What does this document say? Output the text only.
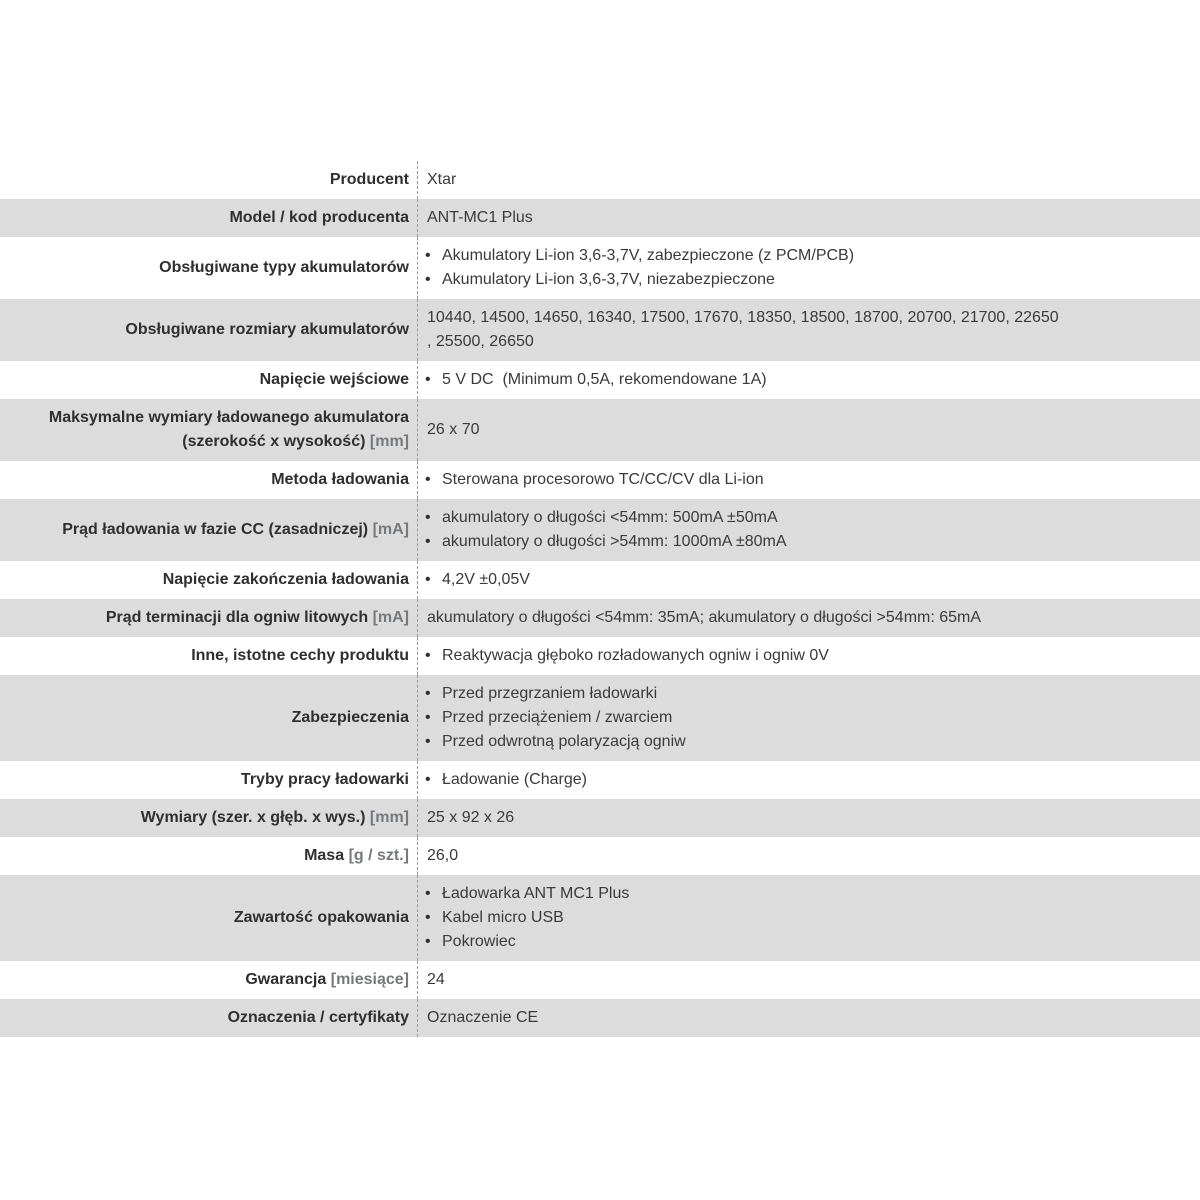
Producent Xtar
Model / kod producenta ANT-MC1 Plus
Obsługiwane typy akumulatorów
• Akumulatory Li-ion 3,6-3,7V, zabezpieczone (z PCM/PCB)
• Akumulatory Li-ion 3,6-3,7V, niezabezpieczone
Obsługiwane rozmiary akumulatorów
10440, 14500, 14650, 16340, 17500, 17670, 18350, 18500, 18700, 20700, 21700, 22650
, 25500, 26650
Napięcie wejściowe • 5 V DC  (Minimum 0,5A, rekomendowane 1A)
Maksymalne wymiary ładowanego akumulatora (szerokość x wysokość) [mm]
26 x 70
Metoda ładowania • Sterowana procesorowo TC/CC/CV dla Li-ion
Prąd ładowania w fazie CC (zasadniczej) [mA]
• akumulatory o długości <54mm: 500mA ±50mA
• akumulatory o długości >54mm: 1000mA ±80mA
Napięcie zakończenia ładowania • 4,2V ±0,05V
Prąd terminacji dla ogniw litowych [mA] akumulatory o długości <54mm: 35mA; akumulatory o długości >54mm: 65mA
Inne, istotne cechy produktu • Reaktywacja głęboko rozładowanych ogniw i ogniw 0V
Zabezpieczenia
• Przed przegrzaniem ładowarki
• Przed przeciążeniem / zwarciem
• Przed odwrotną polaryzacją ogniw
Tryby pracy ładowarki • Ładowanie (Charge)
Wymiary (szer. x głęb. x wys.) [mm] 25 x 92 x 26
Masa [g / szt.] 26,0
Zawartość opakowania
• Ładowarka ANT MC1 Plus
• Kabel micro USB
• Pokrowiec
Gwarancja [miesiące] 24
Oznaczenia / certyfikaty Oznaczenie CE
